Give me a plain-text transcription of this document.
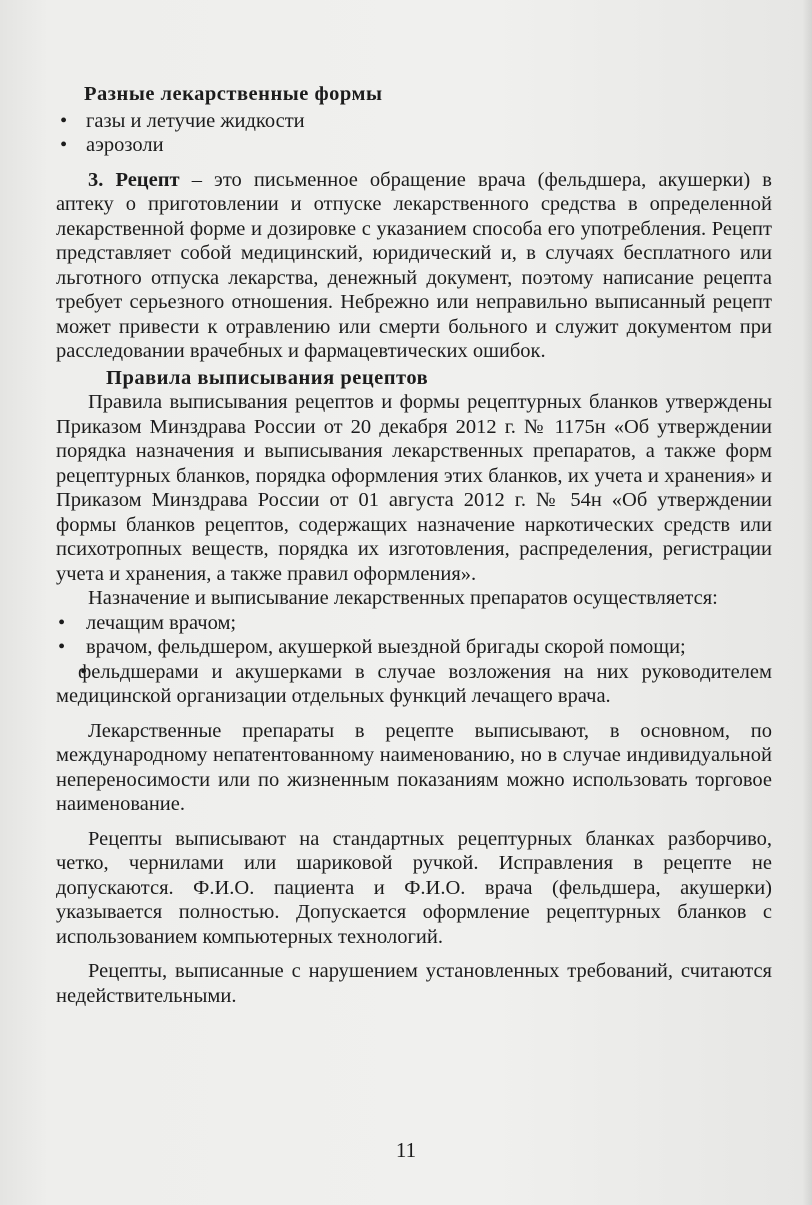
Разные лекарственные формы
• газы и летучие жидкости
• аэрозоли

3. Рецепт – это письменное обращение врача (фельдшера, акушерки) в аптеку о приготовлении и отпуске лекарственного средства в определенной лекарственной форме и дозировке с указанием способа его употребления. Рецепт представляет собой медицинский, юридический и, в случаях бесплатного или льготного отпуска лекарства, денежный документ, поэтому написание рецепта требует серьезного отношения. Небрежно или неправильно выписанный рецепт может привести к отравлению или смерти больного и служит документом при расследовании врачебных и фармацевтических ошибок.

Правила выписывания рецептов

Правила выписывания рецептов и формы рецептурных бланков утверждены Приказом Минздрава России от 20 декабря 2012 г. № 1175н «Об утверждении порядка назначения и выписывания лекарственных препаратов, а также форм рецептурных бланков, порядка оформления этих бланков, их учета и хранения» и Приказом Минздрава России от 01 августа 2012 г. № 54н «Об утверждении формы бланков рецептов, содержащих назначение наркотических средств или психотропных веществ, порядка их изготовления, распределения, регистрации учета и хранения, а также правил оформления».

Назначение и выписывание лекарственных препаратов осуществляется:

• лечащим врачом;
• врачом, фельдшером, акушеркой выездной бригады скорой помощи;
• фельдшерами и акушерками в случае возложения на них руководителем медицинской организации отдельных функций лечащего врача.

Лекарственные препараты в рецепте выписывают, в основном, по международному непатентованному наименованию, но в случае индивидуальной непереносимости или по жизненным показаниям можно использовать торговое наименование.

Рецепты выписывают на стандартных рецептурных бланках разборчиво, четко, чернилами или шариковой ручкой. Исправления в рецепте не допускаются. Ф.И.О. пациента и Ф.И.О. врача (фельдшера, акушерки) указывается полностью. Допускается оформление рецептурных бланков с использованием компьютерных технологий.

Рецепты, выписанные с нарушением установленных требований, считаются недействительными.

11
